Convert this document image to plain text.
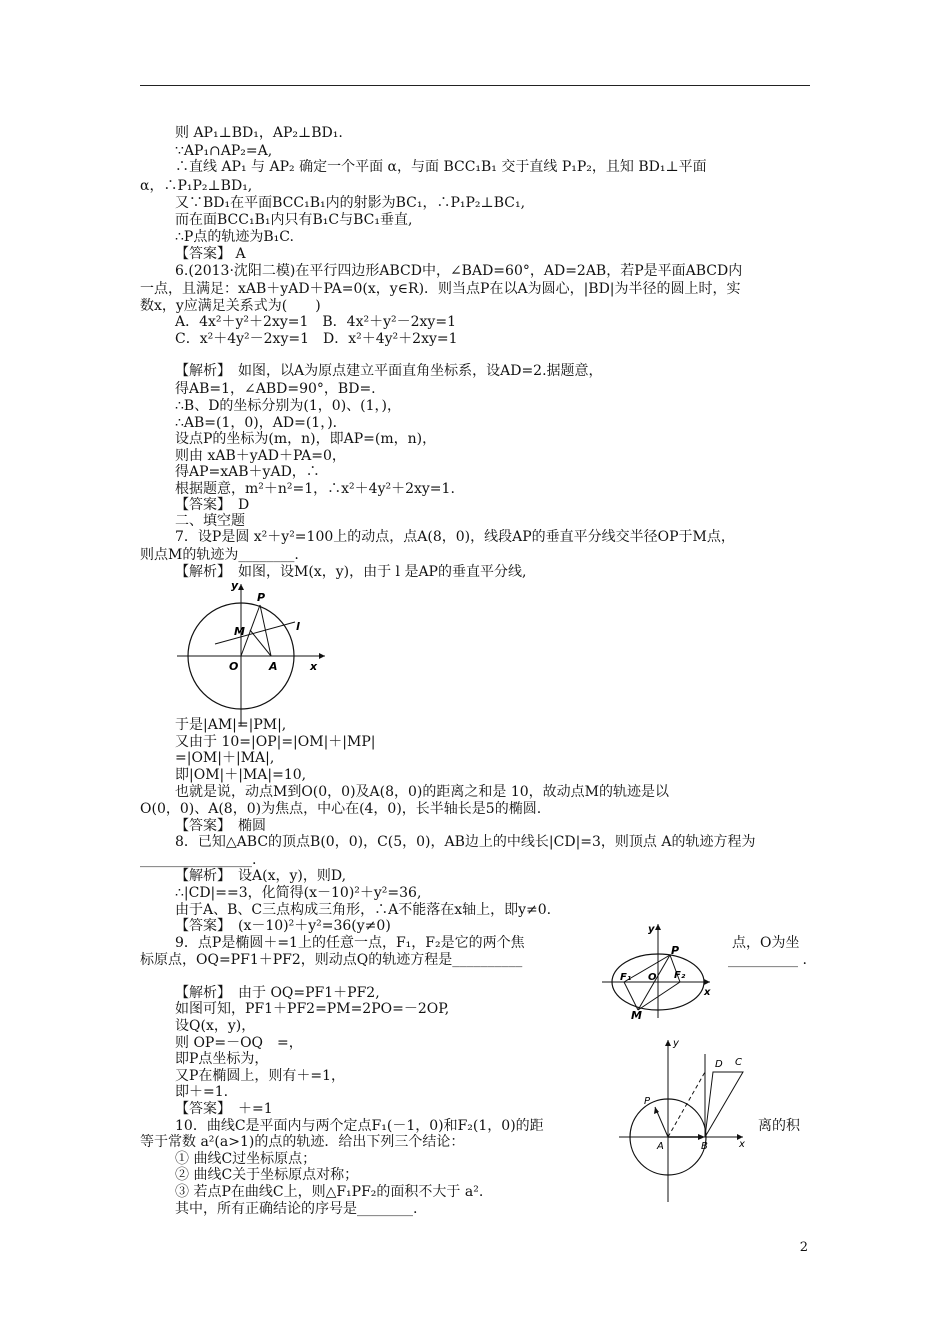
则 AP₁⊥BD₁，AP₂⊥BD₁.
∵AP₁∩AP₂=A,
∴直线 AP₁ 与 AP₂ 确定一个平面 α，与面 BCC₁B₁ 交于直线 P₁P₂，且知 BD₁⊥平面
α，∴P₁P₂⊥BD₁,
又∵BD₁在平面BCC₁B₁内的射影为BC₁，∴P₁P₂⊥BC₁,
而在面BCC₁B₁内只有B₁C与BC₁垂直,
∴P点的轨迹为B₁C.
【答案】 A
6.(2013·沈阳二模)在平行四边形ABCD中，∠BAD=60°，AD=2AB，若P是平面ABCD内
一点，且满足：xAB＋yAD＋PA=0(x，y∈R)．则当点P在以A为圆心，|BD|为半径的圆上时，实
数x，y应满足关系式为(　　)
A．4x²＋y²＋2xy=1　B．4x²＋y²－2xy=1
C．x²＋4y²－2xy=1　D．x²＋4y²＋2xy=1
【解析】　如图，以A为原点建立平面直角坐标系，设AD=2.据题意，
得AB=1，∠ABD=90°，BD=.
∴B、D的坐标分别为(1，0)、(1，)，
∴AB=(1，0)，AD=(1，)．
设点P的坐标为(m，n)，即AP=(m，n)，
则由 xAB＋yAD＋PA=0，
得AP=xAB＋yAD，∴
根据题意，m²＋n²=1，∴x²＋4y²＋2xy=1.
【答案】　D
二、填空题
7．设P是圆 x²＋y²=100上的动点，点A(8，0)，线段AP的垂直平分线交半径OP于M点，
则点M的轨迹为________.
【解析】　如图，设M(x，y)，由于 l 是AP的垂直平分线,
y
P
M	l
O	A	x
于是|AM|=|PM|,
又由于 10=|OP|=|OM|＋|MP|
=|OM|＋|MA|,
即|OM|＋|MA|=10,
也就是说，动点M到O(0，0)及A(8，0)的距离之和是 10，故动点M的轨迹是以
O(0，0)、A(8，0)为焦点，中心在(4，0)，长半轴长是5的椭圆.
【答案】　椭圆
8．已知△ABC的顶点B(0，0)，C(5，0)，AB边上的中线长|CD|=3，则顶点 A的轨迹方程为
________________.
【解析】　设A(x，y)，则D,
∴|CD|==3，化简得(x－10)²＋y²=36,
由于A、B、C三点构成三角形，∴A不能落在x轴上，即y≠0.
【答案】　(x－10)²＋y²=36(y≠0)
9．点P是椭圆＋=1上的任意一点，F₁，F₂是它的两个焦	点，O为坐
标原点，OQ=PF1＋PF2，则动点Q的轨迹方程是__________	__________ .
y
P
F₁ O F₂
M
x
【解析】　由于 OQ=PF1＋PF2,
如图可知，PF1＋PF2=PM=2PO=－2OP,
设Q(x，y)，
则 OP=－OQ　=，
即P点坐标为，
又P在椭圆上，则有＋=1，
即＋=1.
【答案】　＋=1
10．曲线C是平面内与两个定点F₁(－1，0)和F₂(1，0)的距	离的积
y
D C
P
A	B	x
等于常数 a²(a>1)的点的轨迹．给出下列三个结论：
① 曲线C过坐标原点；
② 曲线C关于坐标原点对称；
③ 若点P在曲线C上，则△F₁PF₂的面积不大于 a².
其中，所有正确结论的序号是________.
2
